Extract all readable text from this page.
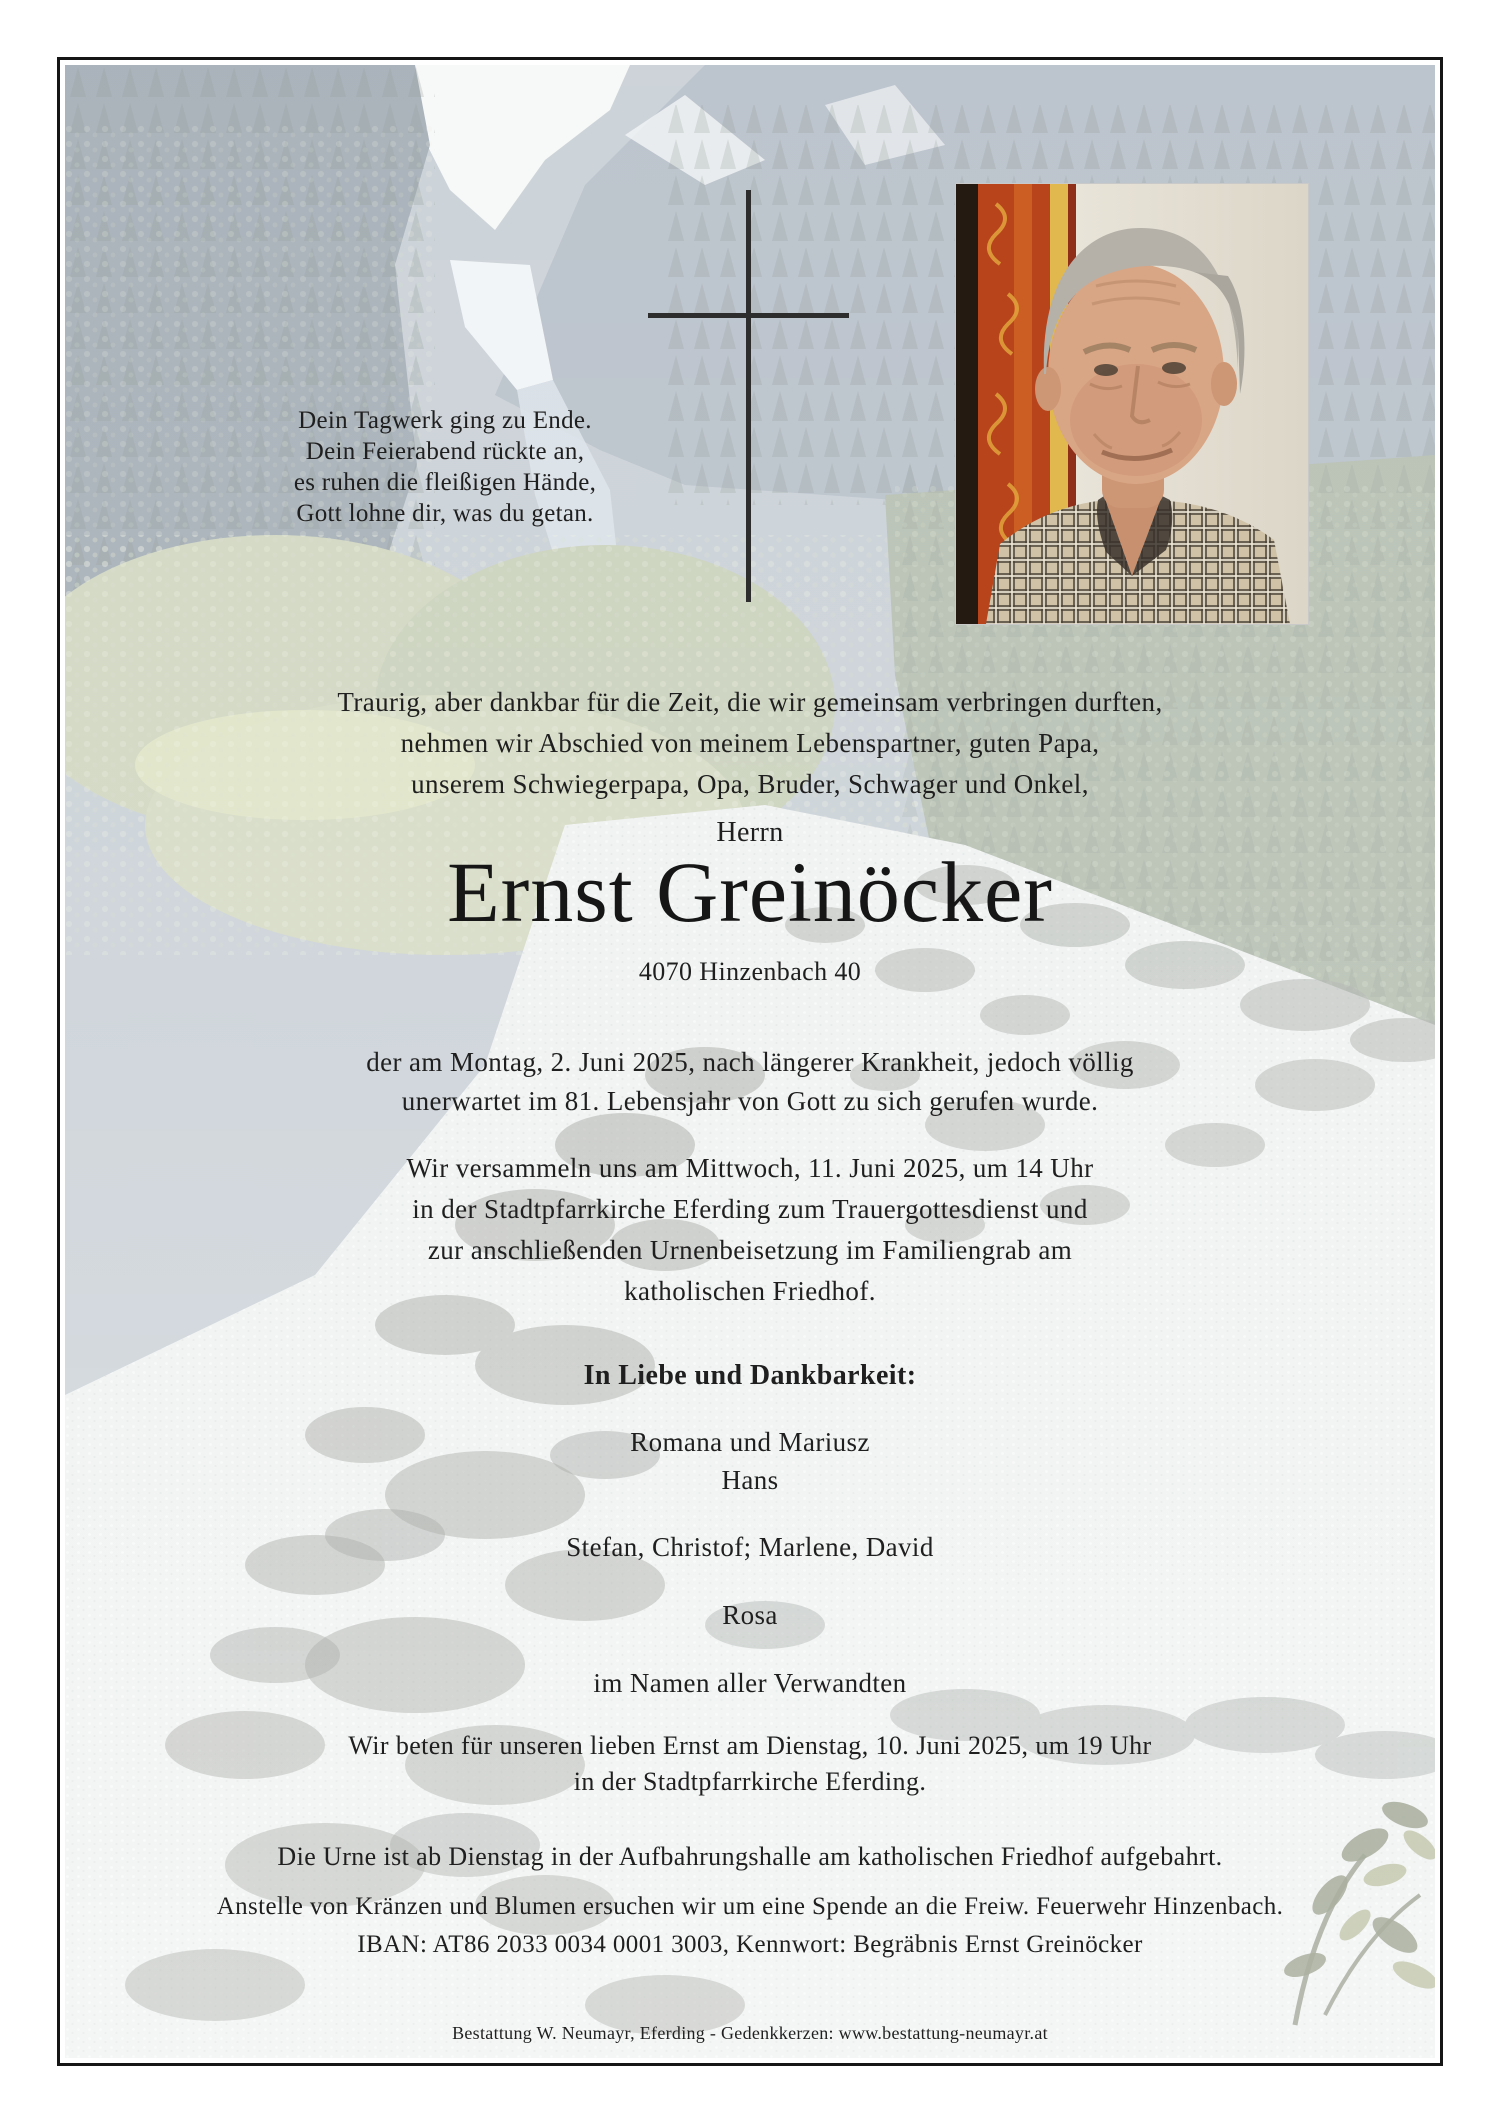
Dein Tagwerk ging zu Ende.
Dein Feierabend rückte an,
es ruhen die fleißigen Hände,
Gott lohne dir, was du getan.
Traurig, aber dankbar für die Zeit, die wir gemeinsam verbringen durften,
nehmen wir Abschied von meinem Lebenspartner, guten Papa,
unserem Schwiegerpapa, Opa, Bruder, Schwager und Onkel,
Herrn
Ernst Greinöcker
4070 Hinzenbach 40
der am Montag, 2. Juni 2025, nach längerer Krankheit, jedoch völlig
unerwartet im 81. Lebensjahr von Gott zu sich gerufen wurde.
Wir versammeln uns am Mittwoch, 11. Juni 2025, um 14 Uhr
in der Stadtpfarrkirche Eferding zum Trauergottesdienst und
zur anschließenden Urnenbeisetzung im Familiengrab am
katholischen Friedhof.
In Liebe und Dankbarkeit:
Romana und Mariusz
Hans
Stefan, Christof; Marlene, David
Rosa
im Namen aller Verwandten
Wir beten für unseren lieben Ernst am Dienstag, 10. Juni 2025, um 19 Uhr
in der Stadtpfarrkirche Eferding.
Die Urne ist ab Dienstag in der Aufbahrungshalle am katholischen Friedhof aufgebahrt.
Anstelle von Kränzen und Blumen ersuchen wir um eine Spende an die Freiw. Feuerwehr Hinzenbach.
IBAN: AT86 2033 0034 0001 3003, Kennwort: Begräbnis Ernst Greinöcker
Bestattung W. Neumayr, Eferding - Gedenkkerzen: www.bestattung-neumayr.at
